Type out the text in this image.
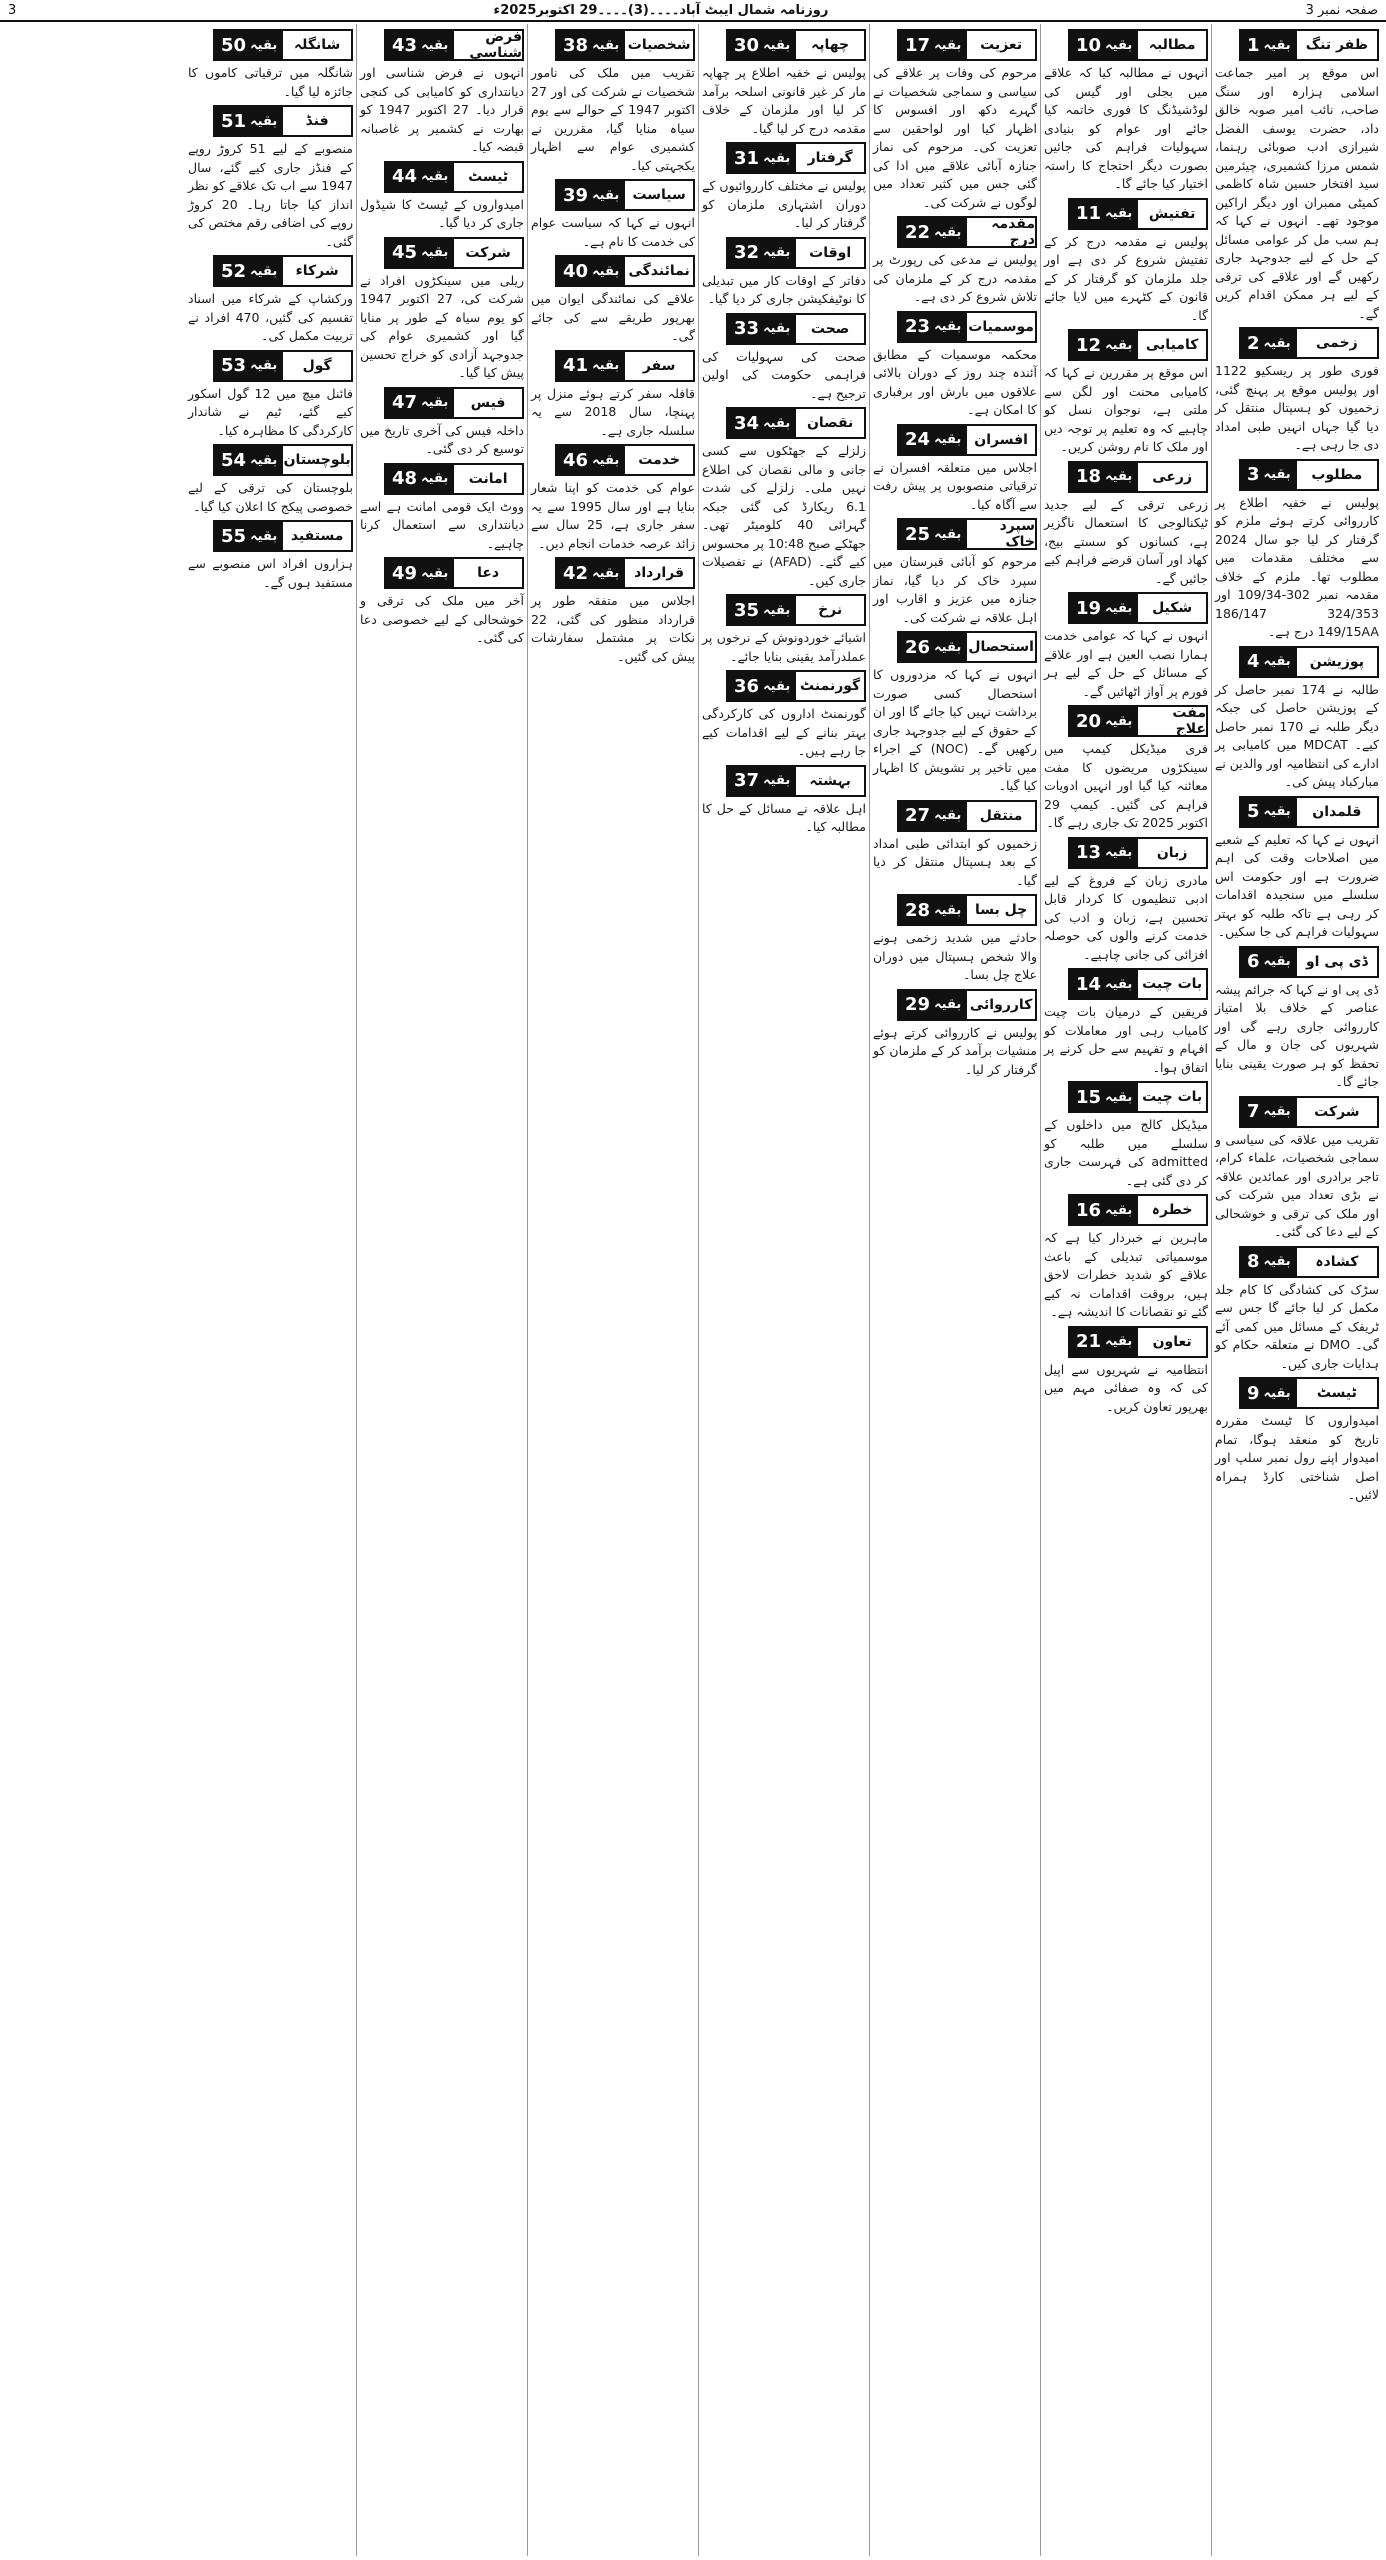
صفحہ نمبر 3
روزنامہ شمال ایبٹ آباد۔۔۔۔(3)۔۔۔۔29 اکتوبر2025ء
3
بقیہ
1	ظفر تنگ
اس موقع پر امیر جماعت اسلامی ہزارہ اور سنگ صاحب، نائب امیر صوبہ خالق داد، حضرت یوسف الفضل شیرازی ادب صوبائی رہنما، شمس مرزا کشمیری، چیئرمین سید افتخار حسین شاہ کاظمی کمیٹی ممبران اور دیگر اراکین موجود تھے۔ انہوں نے کہا کہ ہم سب مل کر عوامی مسائل کے حل کے لیے جدوجہد جاری رکھیں گے اور علاقے کی ترقی کے لیے ہر ممکن اقدام کریں گے۔
بقیہ
2	زخمی
فوری طور پر ریسکیو 1122 اور پولیس موقع پر پہنچ گئی، زخمیوں کو ہسپتال منتقل کر دیا گیا جہاں انہیں طبی امداد دی جا رہی ہے۔
بقیہ
3	مطلوب
پولیس نے خفیہ اطلاع پر کارروائی کرتے ہوئے ملزم کو گرفتار کر لیا جو سال 2024 سے مختلف مقدمات میں مطلوب تھا۔ ملزم کے خلاف مقدمہ نمبر 302-109/34 اور 324/353 186/147 149/15AA درج ہے۔
بقیہ
4	پوزیشن
طالبہ نے 174 نمبر حاصل کر کے پوزیشن حاصل کی جبکہ دیگر طلبہ نے 170 نمبر حاصل کیے۔ MDCAT میں کامیابی پر ادارے کی انتظامیہ اور والدین نے مبارکباد پیش کی۔
بقیہ
5	قلمدان
انہوں نے کہا کہ تعلیم کے شعبے میں اصلاحات وقت کی اہم ضرورت ہے اور حکومت اس سلسلے میں سنجیدہ اقدامات کر رہی ہے تاکہ طلبہ کو بہتر سہولیات فراہم کی جا سکیں۔
بقیہ
6	ڈی پی او
ڈی پی او نے کہا کہ جرائم پیشہ عناصر کے خلاف بلا امتیاز کارروائی جاری رہے گی اور شہریوں کی جان و مال کے تحفظ کو ہر صورت یقینی بنایا جائے گا۔
بقیہ
7	شرکت
تقریب میں علاقہ کی سیاسی و سماجی شخصیات، علماء کرام، تاجر برادری اور عمائدین علاقہ نے بڑی تعداد میں شرکت کی اور ملک کی ترقی و خوشحالی کے لیے دعا کی گئی۔
بقیہ
8	کشادہ
سڑک کی کشادگی کا کام جلد مکمل کر لیا جائے گا جس سے ٹریفک کے مسائل میں کمی آئے گی۔ DMO نے متعلقہ حکام کو ہدایات جاری کیں۔
بقیہ
9	ٹیسٹ
امیدواروں کا ٹیسٹ مقررہ تاریخ کو منعقد ہوگا، تمام امیدوار اپنے رول نمبر سلپ اور اصل شناختی کارڈ ہمراہ لائیں۔
بقیہ
10	مطالبہ
انہوں نے مطالبہ کیا کہ علاقے میں بجلی اور گیس کی لوڈشیڈنگ کا فوری خاتمہ کیا جائے اور عوام کو بنیادی سہولیات فراہم کی جائیں بصورت دیگر احتجاج کا راستہ اختیار کیا جائے گا۔
بقیہ
11	تفتیش
پولیس نے مقدمہ درج کر کے تفتیش شروع کر دی ہے اور جلد ملزمان کو گرفتار کر کے قانون کے کٹہرے میں لایا جائے گا۔
بقیہ
12	کامیابی
اس موقع پر مقررین نے کہا کہ کامیابی محنت اور لگن سے ملتی ہے، نوجوان نسل کو چاہیے کہ وہ تعلیم پر توجہ دیں اور ملک کا نام روشن کریں۔
بقیہ
18	زرعی
زرعی ترقی کے لیے جدید ٹیکنالوجی کا استعمال ناگزیر ہے، کسانوں کو سستے بیج، کھاد اور آسان قرضے فراہم کیے جائیں گے۔
بقیہ
19	شکیل
انہوں نے کہا کہ عوامی خدمت ہمارا نصب العین ہے اور علاقے کے مسائل کے حل کے لیے ہر فورم پر آواز اٹھائیں گے۔
بقیہ
20	مفت علاج
فری میڈیکل کیمپ میں سینکڑوں مریضوں کا مفت معائنہ کیا گیا اور انہیں ادویات فراہم کی گئیں۔ کیمپ 29 اکتوبر 2025 تک جاری رہے گا۔
بقیہ
13	زبان
مادری زبان کے فروغ کے لیے ادبی تنظیموں کا کردار قابل تحسین ہے، زبان و ادب کی خدمت کرنے والوں کی حوصلہ افزائی کی جانی چاہیے۔
بقیہ
14	بات چیت
فریقین کے درمیان بات چیت کامیاب رہی اور معاملات کو افہام و تفہیم سے حل کرنے پر اتفاق ہوا۔
بقیہ
15	بات چیت
میڈیکل کالج میں داخلوں کے سلسلے میں طلبہ کو admitted کی فہرست جاری کر دی گئی ہے۔
بقیہ
16	خطرہ
ماہرین نے خبردار کیا ہے کہ موسمیاتی تبدیلی کے باعث علاقے کو شدید خطرات لاحق ہیں، بروقت اقدامات نہ کیے گئے تو نقصانات کا اندیشہ ہے۔
بقیہ
21	تعاون
انتظامیہ نے شہریوں سے اپیل کی کہ وہ صفائی مہم میں بھرپور تعاون کریں۔
بقیہ
17	تعزیت
مرحوم کی وفات پر علاقے کی سیاسی و سماجی شخصیات نے گہرے دکھ اور افسوس کا اظہار کیا اور لواحقین سے تعزیت کی۔ مرحوم کی نماز جنازہ آبائی علاقے میں ادا کی گئی جس میں کثیر تعداد میں لوگوں نے شرکت کی۔
بقیہ
22	مقدمہ درج
پولیس نے مدعی کی رپورٹ پر مقدمہ درج کر کے ملزمان کی تلاش شروع کر دی ہے۔
بقیہ
23	موسمیات
محکمہ موسمیات کے مطابق آئندہ چند روز کے دوران بالائی علاقوں میں بارش اور برفباری کا امکان ہے۔
بقیہ
24	افسران
اجلاس میں متعلقہ افسران نے ترقیاتی منصوبوں پر پیش رفت سے آگاہ کیا۔
بقیہ
25	سپرد خاک
مرحوم کو آبائی قبرستان میں سپرد خاک کر دیا گیا، نماز جنازہ میں عزیز و اقارب اور اہل علاقہ نے شرکت کی۔
بقیہ
26	استحصال
انہوں نے کہا کہ مزدوروں کا استحصال کسی صورت برداشت نہیں کیا جائے گا اور ان کے حقوق کے لیے جدوجہد جاری رکھیں گے۔ (NOC) کے اجراء میں تاخیر پر تشویش کا اظہار کیا گیا۔
بقیہ
27	منتقل
زخمیوں کو ابتدائی طبی امداد کے بعد ہسپتال منتقل کر دیا گیا۔
بقیہ
28	چل بسا
حادثے میں شدید زخمی ہونے والا شخص ہسپتال میں دوران علاج چل بسا۔
بقیہ
29	کارروائی
پولیس نے کارروائی کرتے ہوئے منشیات برآمد کر کے ملزمان کو گرفتار کر لیا۔
بقیہ
30	چھاپہ
پولیس نے خفیہ اطلاع پر چھاپہ مار کر غیر قانونی اسلحہ برآمد کر لیا اور ملزمان کے خلاف مقدمہ درج کر لیا گیا۔
بقیہ
31	گرفتار
پولیس نے مختلف کارروائیوں کے دوران اشتہاری ملزمان کو گرفتار کر لیا۔
بقیہ
32	اوقات
دفاتر کے اوقات کار میں تبدیلی کا نوٹیفکیشن جاری کر دیا گیا۔
بقیہ
33	صحت
صحت کی سہولیات کی فراہمی حکومت کی اولین ترجیح ہے۔
بقیہ
34	نقصان
زلزلے کے جھٹکوں سے کسی جانی و مالی نقصان کی اطلاع نہیں ملی۔ زلزلے کی شدت 6.1 ریکارڈ کی گئی جبکہ گہرائی 40 کلومیٹر تھی۔ جھٹکے صبح 10:48 پر محسوس کیے گئے۔ (AFAD) نے تفصیلات جاری کیں۔
بقیہ
35	نرخ
اشیائے خوردونوش کے نرخوں پر عملدرآمد یقینی بنایا جائے۔
بقیہ
36	گورنمنٹ
گورنمنٹ اداروں کی کارکردگی بہتر بنانے کے لیے اقدامات کیے جا رہے ہیں۔
بقیہ
37	بہشتہ
اہل علاقہ نے مسائل کے حل کا مطالبہ کیا۔
بقیہ
38	شخصیات
تقریب میں ملک کی نامور شخصیات نے شرکت کی اور 27 اکتوبر 1947 کے حوالے سے یوم سیاہ منایا گیا، مقررین نے کشمیری عوام سے اظہار یکجہتی کیا۔
بقیہ
39	سیاست
انہوں نے کہا کہ سیاست عوام کی خدمت کا نام ہے۔
بقیہ
40	نمائندگی
علاقے کی نمائندگی ایوان میں بھرپور طریقے سے کی جائے گی۔
بقیہ
41	سفر
قافلہ سفر کرتے ہوئے منزل پر پہنچا، سال 2018 سے یہ سلسلہ جاری ہے۔
بقیہ
46	خدمت
عوام کی خدمت کو اپنا شعار بنایا ہے اور سال 1995 سے یہ سفر جاری ہے، 25 سال سے زائد عرصہ خدمات انجام دیں۔
بقیہ
42	قرارداد
اجلاس میں متفقہ طور پر قرارداد منظور کی گئی، 22 نکات پر مشتمل سفارشات پیش کی گئیں۔
بقیہ
43	فرض شناسی
انہوں نے فرض شناسی اور دیانتداری کو کامیابی کی کنجی قرار دیا۔ 27 اکتوبر 1947 کو بھارت نے کشمیر پر غاصبانہ قبضہ کیا۔
بقیہ
44	ٹیسٹ
امیدواروں کے ٹیسٹ کا شیڈول جاری کر دیا گیا۔
بقیہ
45	شرکت
ریلی میں سینکڑوں افراد نے شرکت کی، 27 اکتوبر 1947 کو یوم سیاہ کے طور پر منایا گیا اور کشمیری عوام کی جدوجہد آزادی کو خراج تحسین پیش کیا گیا۔
بقیہ
47	فیس
داخلہ فیس کی آخری تاریخ میں توسیع کر دی گئی۔
بقیہ
48	امانت
ووٹ ایک قومی امانت ہے اسے دیانتداری سے استعمال کرنا چاہیے۔
بقیہ
49	دعا
آخر میں ملک کی ترقی و خوشحالی کے لیے خصوصی دعا کی گئی۔
بقیہ
50	شانگلہ
شانگلہ میں ترقیاتی کاموں کا جائزہ لیا گیا۔
بقیہ
51	فنڈ
منصوبے کے لیے 51 کروڑ روپے کے فنڈز جاری کیے گئے، سال 1947 سے اب تک علاقے کو نظر انداز کیا جاتا رہا۔ 20 کروڑ روپے کی اضافی رقم مختص کی گئی۔
بقیہ
52	شرکاء
ورکشاپ کے شرکاء میں اسناد تقسیم کی گئیں، 470 افراد نے تربیت مکمل کی۔
بقیہ
53	گول
فائنل میچ میں 12 گول اسکور کیے گئے، ٹیم نے شاندار کارکردگی کا مظاہرہ کیا۔
بقیہ
54	بلوچستان
بلوچستان کی ترقی کے لیے خصوصی پیکج کا اعلان کیا گیا۔
بقیہ
55	مستفید
ہزاروں افراد اس منصوبے سے مستفید ہوں گے۔
